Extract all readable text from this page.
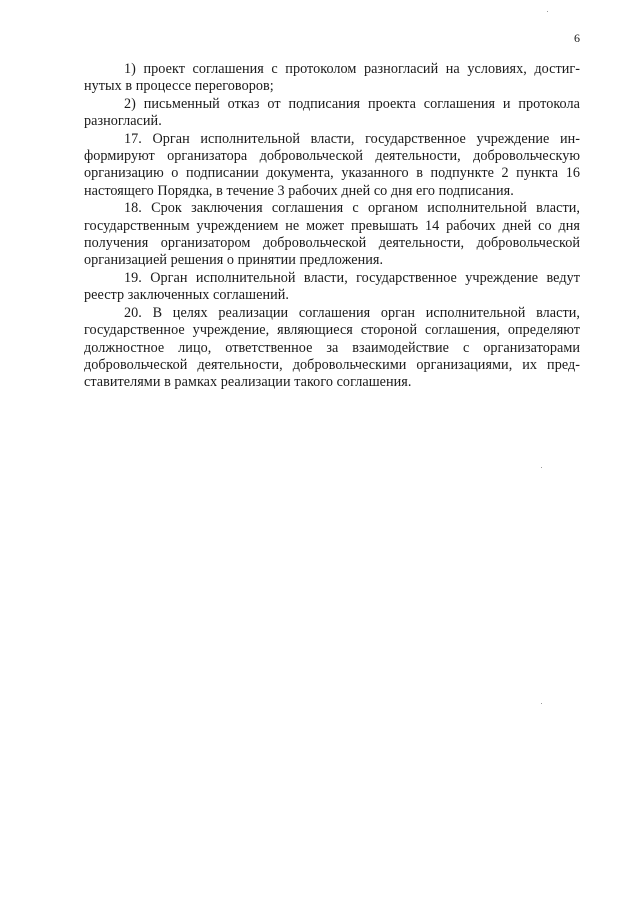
6

1) проект соглашения с протоколом разногласий на условиях, достигнутых в процессе переговоров;

2) письменный отказ от подписания проекта соглашения и протокола разногласий.

17. Орган исполнительной власти, государственное учреждение информируют организатора добровольческой деятельности, добровольческую организацию о подписании документа, указанного в подпункте 2 пункта 16 настоящего Порядка, в течение 3 рабочих дней со дня его подписания.

18. Срок заключения соглашения с органом исполнительной власти, государственным учреждением не может превышать 14 рабочих дней со дня получения организатором добровольческой деятельности, добровольческой организацией решения о принятии предложения.

19. Орган исполнительной власти, государственное учреждение ведут реестр заключенных соглашений.

20. В целях реализации соглашения орган исполнительной власти, государственное учреждение, являющиеся стороной соглашения, определяют должностное лицо, ответственное за взаимодействие с организаторами добровольческой деятельности, добровольческими организациями, их представителями в рамках реализации такого соглашения.
